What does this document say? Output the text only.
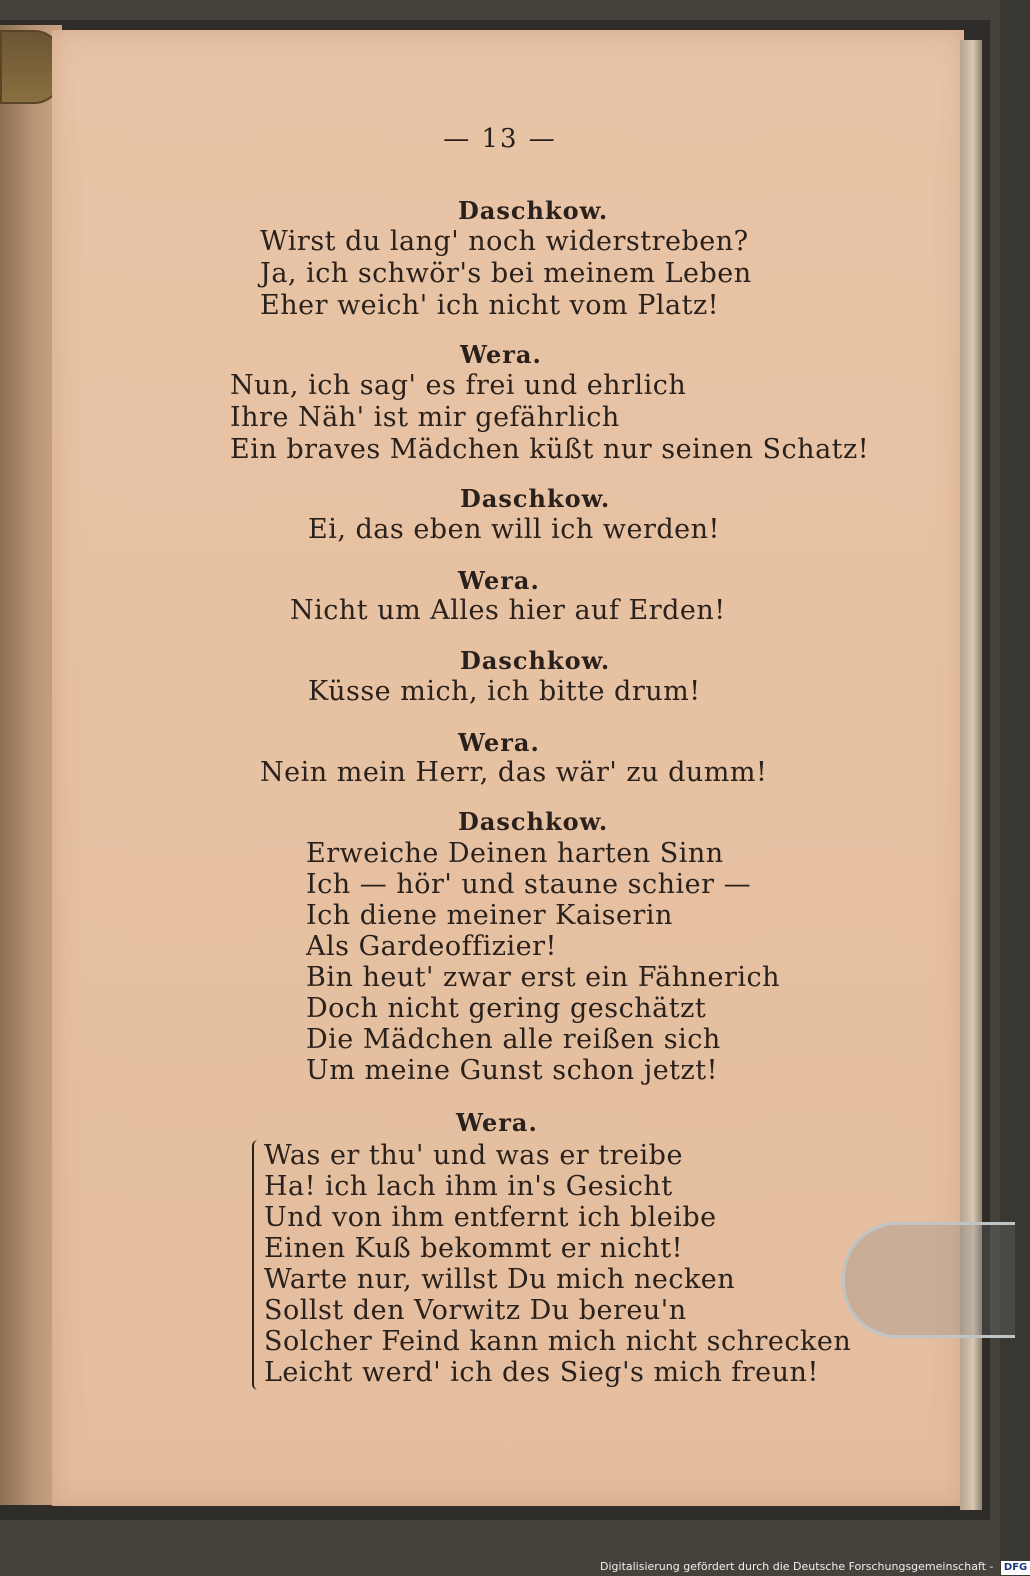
— 13 —
Daschkow.
Wirst du lang' noch widerstreben?
Ja, ich schwör's bei meinem Leben
Eher weich' ich nicht vom Platz!
Wera.
Nun, ich sag' es frei und ehrlich
Ihre Näh' ist mir gefährlich
Ein braves Mädchen küßt nur seinen Schatz!
Daschkow.
Ei, das eben will ich werden!
Wera.
Nicht um Alles hier auf Erden!
Daschkow.
Küsse mich, ich bitte drum!
Wera.
Nein mein Herr, das wär' zu dumm!
Daschkow.
Erweiche Deinen harten Sinn
Ich — hör' und staune schier —
Ich diene meiner Kaiserin
Als Gardeoffizier!
Bin heut' zwar erst ein Fähnerich
Doch nicht gering geschätzt
Die Mädchen alle reißen sich
Um meine Gunst schon jetzt!
Wera.
Was er thu' und was er treibe
Ha! ich lach ihm in's Gesicht
Und von ihm entfernt ich bleibe
Einen Kuß bekommt er nicht!
Warte nur, willst Du mich necken
Sollst den Vorwitz Du bereu'n
Solcher Feind kann mich nicht schrecken
Leicht werd' ich des Sieg's mich freun!
Digitalisierung gefördert durch die Deutsche Forschungsgemeinschaft - DFG
